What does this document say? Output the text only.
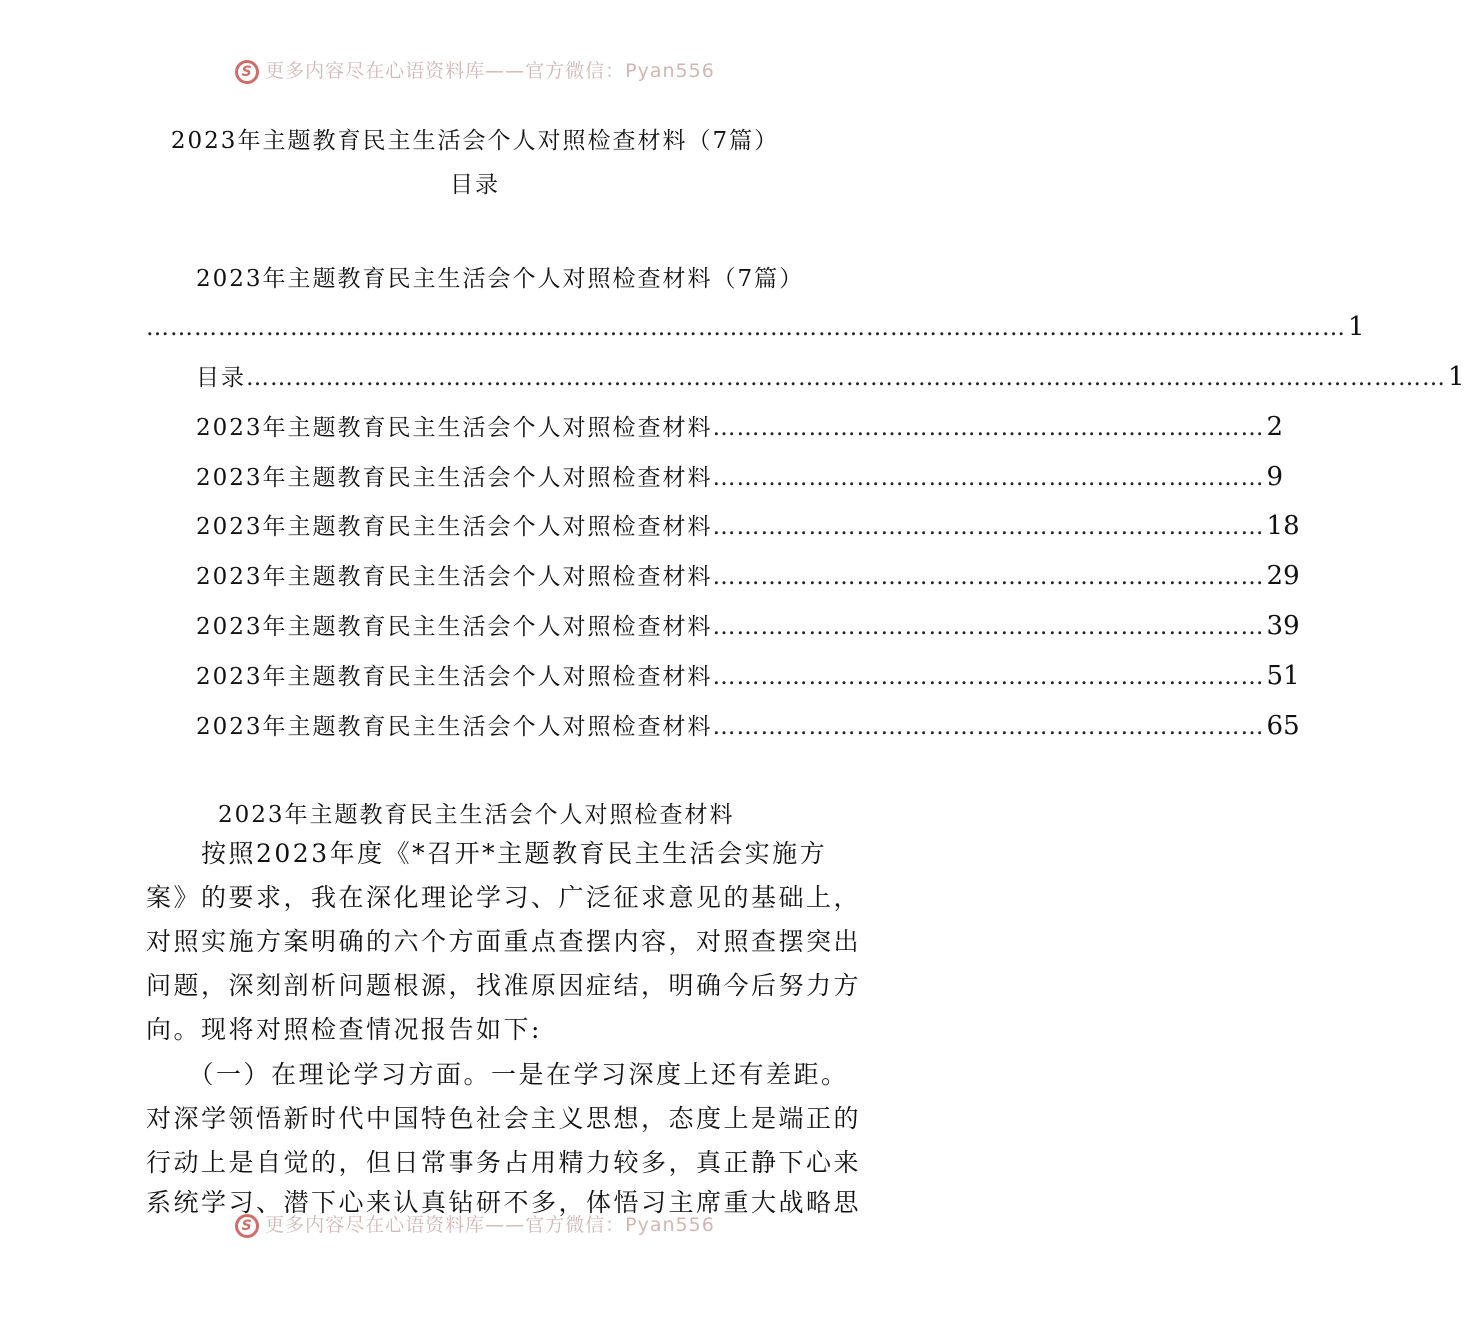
S 更多内容尽在心语资料库——官方微信：Pyan556
2023年主题教育民主生活会个人对照检查材料（7篇）
目录
2023年主题教育民主生活会个人对照检查材料（7篇）
…………………………………………………………………………………………………………………………………… 1
目录 …………………………………………………………………………………………………………………………………… 1
2023年主题教育民主生活会个人对照检查材料 …………………………………………………………… 2
2023年主题教育民主生活会个人对照检查材料 …………………………………………………………… 9
2023年主题教育民主生活会个人对照检查材料 …………………………………………………………… 18
2023年主题教育民主生活会个人对照检查材料 …………………………………………………………… 29
2023年主题教育民主生活会个人对照检查材料 …………………………………………………………… 39
2023年主题教育民主生活会个人对照检查材料 …………………………………………………………… 51
2023年主题教育民主生活会个人对照检查材料 …………………………………………………………… 65
2023年主题教育民主生活会个人对照检查材料
　　按照2023年度《*召开*主题教育民主生活会实施方
案》的要求，我在深化理论学习、广泛征求意见的基础上，
对照实施方案明确的六个方面重点查摆内容，对照查摆突出
问题，深刻剖析问题根源，找准原因症结，明确今后努力方
向。现将对照检查情况报告如下:
　　（一）在理论学习方面。一是在学习深度上还有差距。
对深学领悟新时代中国特色社会主义思想，态度上是端正的
行动上是自觉的，但日常事务占用精力较多，真正静下心来
系统学习、潜下心来认真钻研不多，体悟习主席重大战略思
S 更多内容尽在心语资料库——官方微信：Pyan556
